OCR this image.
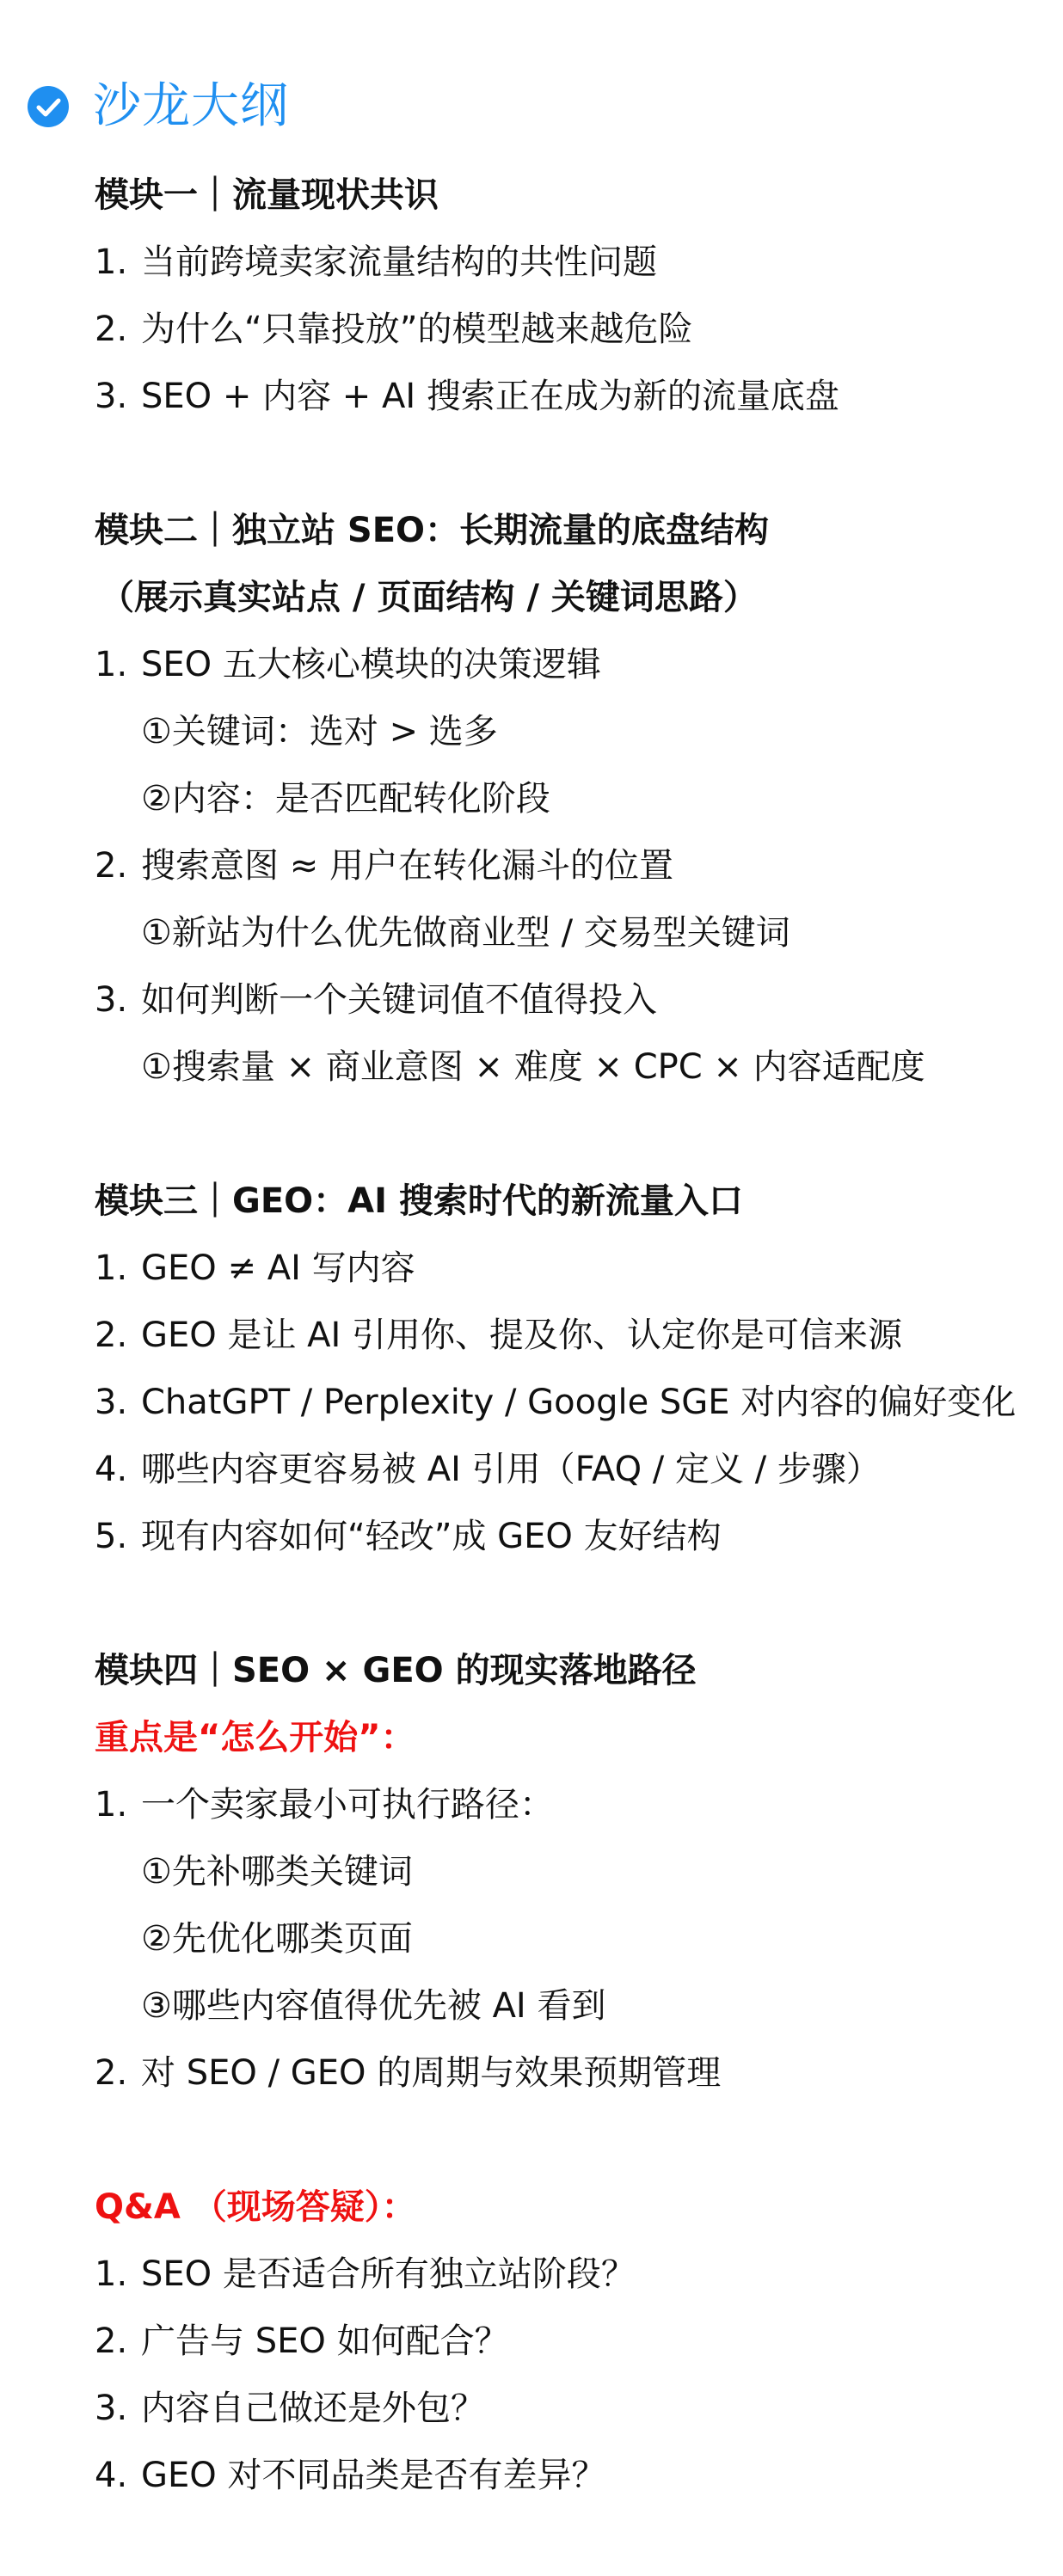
沙龙大纲
模块一｜流量现状共识
1. 当前跨境卖家流量结构的共性问题
2. 为什么“只靠投放”的模型越来越危险
3. SEO + 内容 + AI 搜索正在成为新的流量底盘
模块二｜独立站 SEO：长期流量的底盘结构
（展示真实站点 / 页面结构 / 关键词思路）
1. SEO 五大核心模块的决策逻辑
①关键词：选对 > 选多
②内容：是否匹配转化阶段
2. 搜索意图 ≈ 用户在转化漏斗的位置
①新站为什么优先做商业型 / 交易型关键词
3. 如何判断一个关键词值不值得投入
①搜索量 × 商业意图 × 难度 × CPC × 内容适配度
模块三｜GEO：AI 搜索时代的新流量入口
1. GEO ≠ AI 写内容
2. GEO 是让 AI 引用你、提及你、认定你是可信来源
3. ChatGPT / Perplexity / Google SGE 对内容的偏好变化
4. 哪些内容更容易被 AI 引用（FAQ / 定义 / 步骤）
5. 现有内容如何“轻改”成 GEO 友好结构
模块四｜SEO × GEO 的现实落地路径
重点是“怎么开始”：
1. 一个卖家最小可执行路径：
①先补哪类关键词
②先优化哪类页面
③哪些内容值得优先被 AI 看到
2. 对 SEO / GEO 的周期与效果预期管理
Q&A （现场答疑）：
1. SEO 是否适合所有独立站阶段？
2. 广告与 SEO 如何配合？
3. 内容自己做还是外包？
4. GEO 对不同品类是否有差异？
